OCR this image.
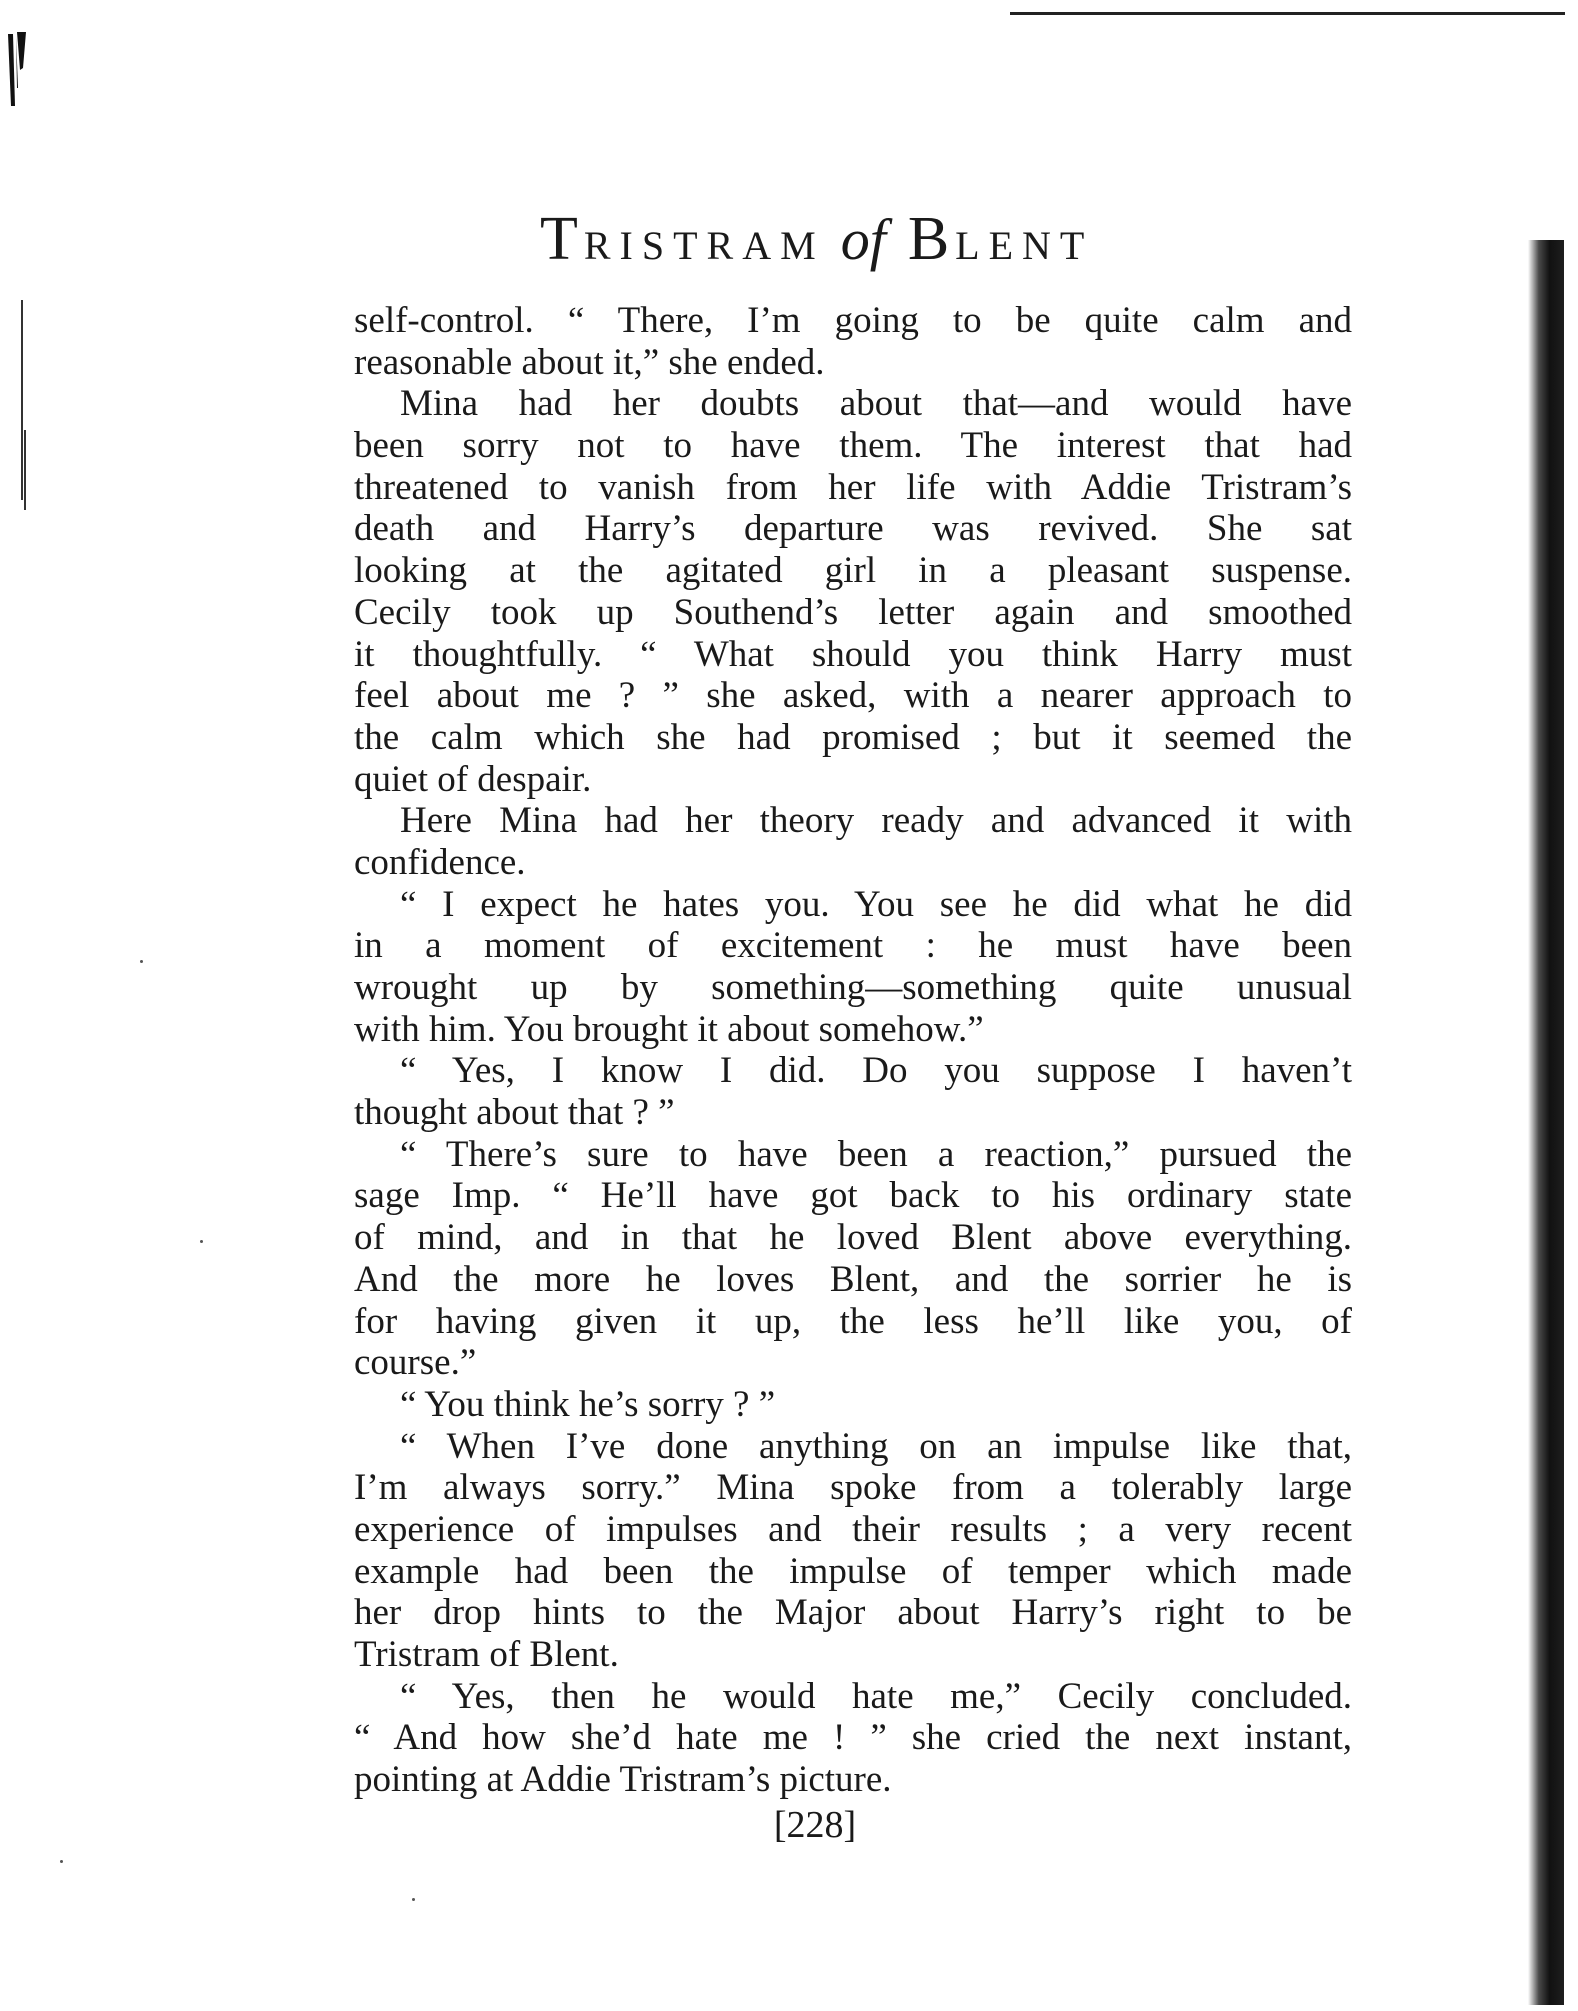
TRISTRAM of BLENT
self-control. “ There, I’m going to be quite calm and
reasonable about it,” she ended.
Mina had her doubts about that—and would have
been sorry not to have them. The interest that had
threatened to vanish from her life with Addie Tristram’s
death and Harry’s departure was revived. She sat
looking at the agitated girl in a pleasant suspense.
Cecily took up Southend’s letter again and smoothed
it thoughtfully. “ What should you think Harry must
feel about me ? ” she asked, with a nearer approach to
the calm which she had promised ; but it seemed the
quiet of despair.
Here Mina had her theory ready and advanced it with
confidence.
“ I expect he hates you. You see he did what he did
in a moment of excitement : he must have been
wrought up by something—something quite unusual
with him. You brought it about somehow.”
“ Yes, I know I did. Do you suppose I haven’t
thought about that ? ”
“ There’s sure to have been a reaction,” pursued the
sage Imp. “ He’ll have got back to his ordinary state
of mind, and in that he loved Blent above everything.
And the more he loves Blent, and the sorrier he is
for having given it up, the less he’ll like you, of
course.”
“ You think he’s sorry ? ”
“ When I’ve done anything on an impulse like that,
I’m always sorry.” Mina spoke from a tolerably large
experience of impulses and their results ; a very recent
example had been the impulse of temper which made
her drop hints to the Major about Harry’s right to be
Tristram of Blent.
“ Yes, then he would hate me,” Cecily concluded.
“ And how she’d hate me ! ” she cried the next instant,
pointing at Addie Tristram’s picture.
[228]
